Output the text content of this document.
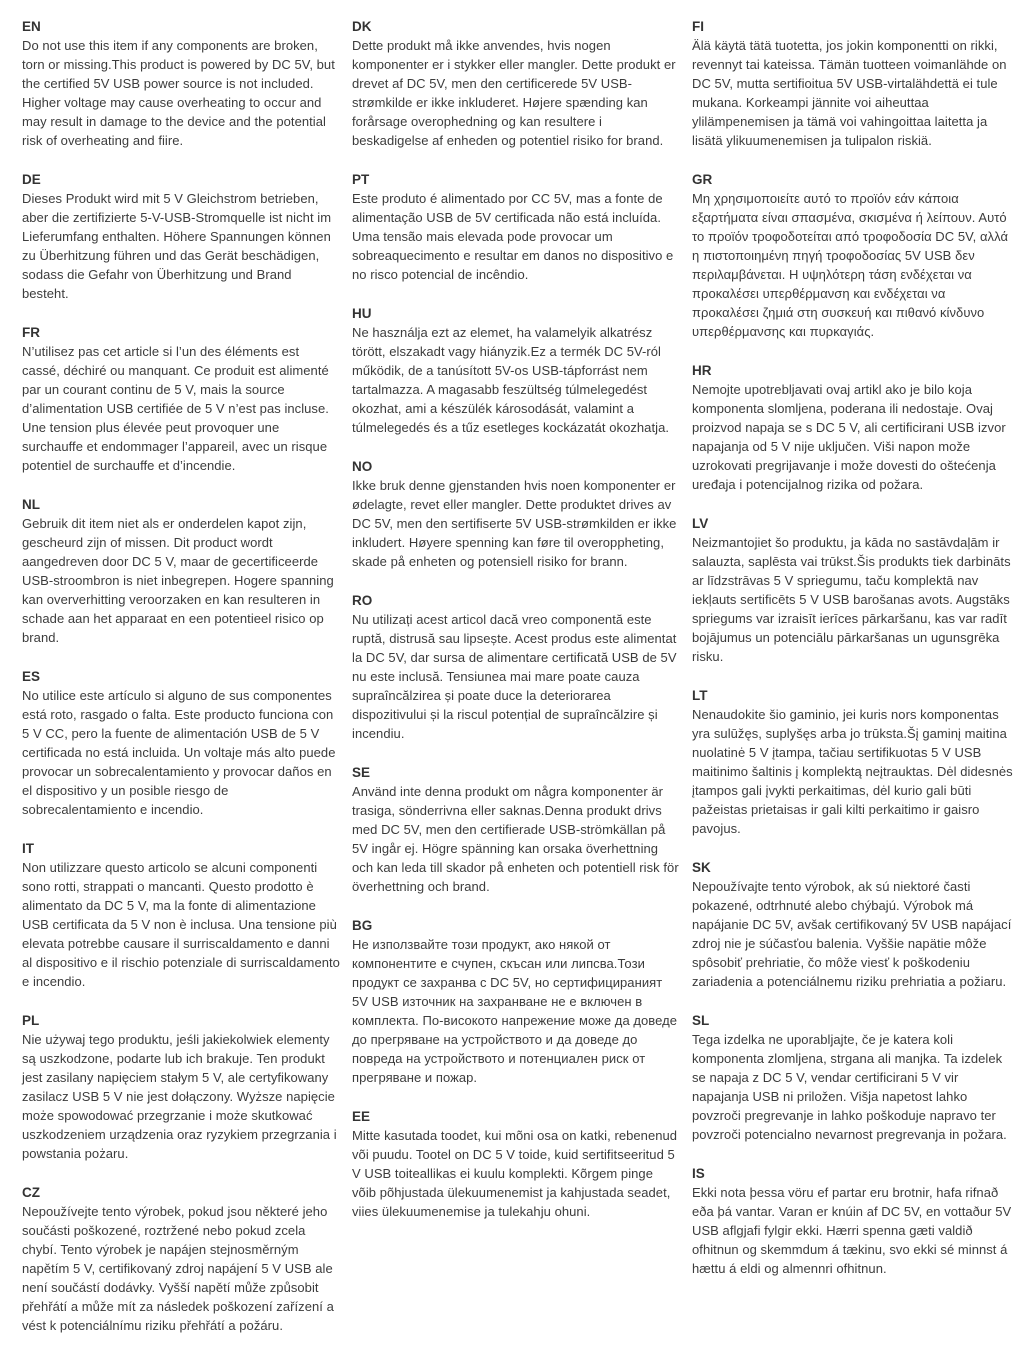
EN

Do not use this item if any components are broken, torn or missing.This product is powered by DC 5V, but the certified 5V USB power source is not included. Higher voltage may cause overheating to occur and may result in damage to the device and the potential risk of overheating and fiire.

DE

Dieses Produkt wird mit 5 V Gleichstrom betrieben, aber die zertifizierte 5-V-USB-Stromquelle ist nicht im Lieferumfang enthalten. Höhere Spannungen können zu Überhitzung führen und das Gerät beschädigen, sodass die Gefahr von Überhitzung und Brand besteht.

FR

N’utilisez pas cet article si l’un des éléments est cassé, déchiré ou manquant. Ce produit est alimenté par un courant continu de 5 V, mais la source d’alimentation USB certifiée de 5 V n’est pas incluse. Une tension plus élevée peut provoquer une surchauffe et endommager l’appareil, avec un risque potentiel de surchauffe et d’incendie.

NL

Gebruik dit item niet als er onderdelen kapot zijn, gescheurd zijn of missen. Dit product wordt aangedreven door DC 5 V, maar de gecertificeerde USB-stroombron is niet inbegrepen. Hogere spanning kan oververhitting veroorzaken en kan resulteren in schade aan het apparaat en een potentieel risico op brand.

ES

No utilice este artículo si alguno de sus componentes está roto, rasgado o falta. Este producto funciona con 5 V CC, pero la fuente de alimentación USB de 5 V certificada no está incluida. Un voltaje más alto puede provocar un sobrecalentamiento y provocar daños en el dispositivo y un posible riesgo de sobrecalentamiento e incendio.

IT

Non utilizzare questo articolo se alcuni componenti sono rotti, strappati o mancanti. Questo prodotto è alimentato da DC 5 V, ma la fonte di alimentazione USB certificata da 5 V non è inclusa. Una tensione più elevata potrebbe causare il surriscaldamento e danni al dispositivo e il rischio potenziale di surriscaldamento e incendio.

PL

Nie używaj tego produktu, jeśli jakiekolwiek elementy są uszkodzone, podarte lub ich brakuje. Ten produkt jest zasilany napięciem stałym 5 V, ale certyfikowany zasilacz USB 5 V nie jest dołączony. Wyższe napięcie może spowodować przegrzanie i może skutkować uszkodzeniem urządzenia oraz ryzykiem przegrzania i powstania pożaru.

CZ

Nepoužívejte tento výrobek, pokud jsou některé jeho součásti poškozené, roztržené nebo pokud zcela chybí. Tento výrobek je napájen stejnosměrným napětím 5 V, certifikovaný zdroj napájení 5 V USB ale není součástí dodávky. Vyšší napětí může způsobit přehřátí a může mít za následek poškození zařízení a vést k potenciálnímu riziku přehřátí a požáru.

DK

Dette produkt må ikke anvendes, hvis nogen komponenter er i stykker eller mangler. Dette produkt er drevet af DC 5V, men den certificerede 5V USB-strømkilde er ikke inkluderet. Højere spænding kan forårsage overophedning og kan resultere i beskadigelse af enheden og potentiel risiko for brand.

PT

Este produto é alimentado por CC 5V, mas a fonte de alimentação USB de 5V certificada não está incluída. Uma tensão mais elevada pode provocar um sobreaquecimento e resultar em danos no dispositivo e no risco potencial de incêndio.

HU

Ne használja ezt az elemet, ha valamelyik alkatrész törött, elszakadt vagy hiányzik.Ez a termék DC 5V-ról működik, de a tanúsított 5V-os USB-tápforrást nem tartalmazza. A magasabb feszültség túlmelegedést okozhat, ami a készülék károsodását, valamint a túlmelegedés és a tűz esetleges kockázatát okozhatja.

NO

Ikke bruk denne gjenstanden hvis noen komponenter er ødelagte, revet eller mangler. Dette produktet drives av DC 5V, men den sertifiserte 5V USB-strømkilden er ikke inkludert. Høyere spenning kan føre til overoppheting, skade på enheten og potensiell risiko for brann.

RO

Nu utilizați acest articol dacă vreo componentă este ruptă, distrusă sau lipsește. Acest produs este alimentat la DC 5V, dar sursa de alimentare certificată USB de 5V nu este inclusă. Tensiunea mai mare poate cauza supraîncălzirea și poate duce la deteriorarea dispozitivului și la riscul potențial de supraîncălzire și incendiu.

SE

Använd inte denna produkt om några komponenter är trasiga, sönderrivna eller saknas.Denna produkt drivs med DC 5V, men den certifierade USB-strömkällan på 5V ingår ej. Högre spänning kan orsaka överhettning och kan leda till skador på enheten och potentiell risk för överhettning och brand.

BG

Не използвайте този продукт, ако някой от компонентите е счупен, скъсан или липсва.Този продукт се захранва с DC 5V, но сертифицираният 5V USB източник на захранване не е включен в комплекта. По-високото напрежение може да доведе до прегряване на устройството и да доведе до повреда на устройството и потенциален риск от прегряване и пожар.

EE

Mitte kasutada toodet, kui mõni osa on katki, rebenenud või puudu. Tootel on DC 5 V toide, kuid sertifitseeritud 5 V USB toiteallikas ei kuulu komplekti. Kõrgem pinge võib põhjustada ülekuumenemist ja kahjustada seadet, viies ülekuumenemise ja tulekahju ohuni.

FI

Älä käytä tätä tuotetta, jos jokin komponentti on rikki, revennyt tai kateissa. Tämän tuotteen voimanlähde on DC 5V, mutta sertifioitua 5V USB-virtalähdettä ei tule mukana. Korkeampi jännite voi aiheuttaa ylilämpenemisen ja tämä voi vahingoittaa laitetta ja lisätä ylikuumenemisen ja tulipalon riskiä.

GR

Μη χρησιμοποιείτε αυτό το προϊόν εάν κάποια εξαρτήματα είναι σπασμένα, σκισμένα ή λείπουν. Αυτό το προϊόν τροφοδοτείται από τροφοδοσία DC 5V, αλλά η πιστοποιημένη πηγή τροφοδοσίας 5V USB δεν περιλαμβάνεται. Η υψηλότερη τάση ενδέχεται να προκαλέσει υπερθέρμανση και ενδέχεται να προκαλέσει ζημιά στη συσκευή και πιθανό κίνδυνο υπερθέρμανσης και πυρκαγιάς.

HR

Nemojte upotrebljavati ovaj artikl ako je bilo koja komponenta slomljena, poderana ili nedostaje. Ovaj proizvod napaja se s DC 5 V, ali certificirani USB izvor napajanja od 5 V nije uključen. Viši napon može uzrokovati pregrijavanje i može dovesti do oštećenja uređaja i potencijalnog rizika od požara.

LV

Neizmantojiet šo produktu, ja kāda no sastāvdaļām ir salauzta, saplēsta vai trūkst.Šis produkts tiek darbināts ar līdzstrāvas 5 V spriegumu, taču komplektā nav iekļauts sertificēts 5 V USB barošanas avots. Augstāks spriegums var izraisīt ierīces pārkaršanu, kas var radīt bojājumus un potenciālu pārkaršanas un ugunsgrēka risku.

LT

Nenaudokite šio gaminio, jei kuris nors komponentas yra sulūžęs, suplyšęs arba jo trūksta.Šį gaminį maitina nuolatinė 5 V įtampa, tačiau sertifikuotas 5 V USB maitinimo šaltinis į komplektą neįtrauktas. Dėl didesnės įtampos gali įvykti perkaitimas, dėl kurio gali būti pažeistas prietaisas ir gali kilti perkaitimo ir gaisro pavojus.

SK

Nepoužívajte tento výrobok, ak sú niektoré časti pokazené, odtrhnuté alebo chýbajú. Výrobok má napájanie DC 5V, avšak certifikovaný 5V USB napájací zdroj nie je súčasťou balenia. Vyššie napätie môže spôsobiť prehriatie, čo môže viesť k poškodeniu zariadenia a potenciálnemu riziku prehriatia a požiaru.

SL

Tega izdelka ne uporabljajte, če je katera koli komponenta zlomljena, strgana ali manjka. Ta izdelek se napaja z DC 5 V, vendar certificirani 5 V vir napajanja USB ni priložen. Višja napetost lahko povzroči pregrevanje in lahko poškoduje napravo ter povzroči potencialno nevarnost pregrevanja in požara.

IS

Ekki nota þessa vöru ef partar eru brotnir, hafa rifnað eða þá vantar. Varan er knúin af DC 5V, en vottaður 5V USB aflgjafi fylgir ekki. Hærri spenna gæti valdið ofhitnun og skemmdum á tækinu, svo ekki sé minnst á hættu á eldi og almennri ofhitnun.
